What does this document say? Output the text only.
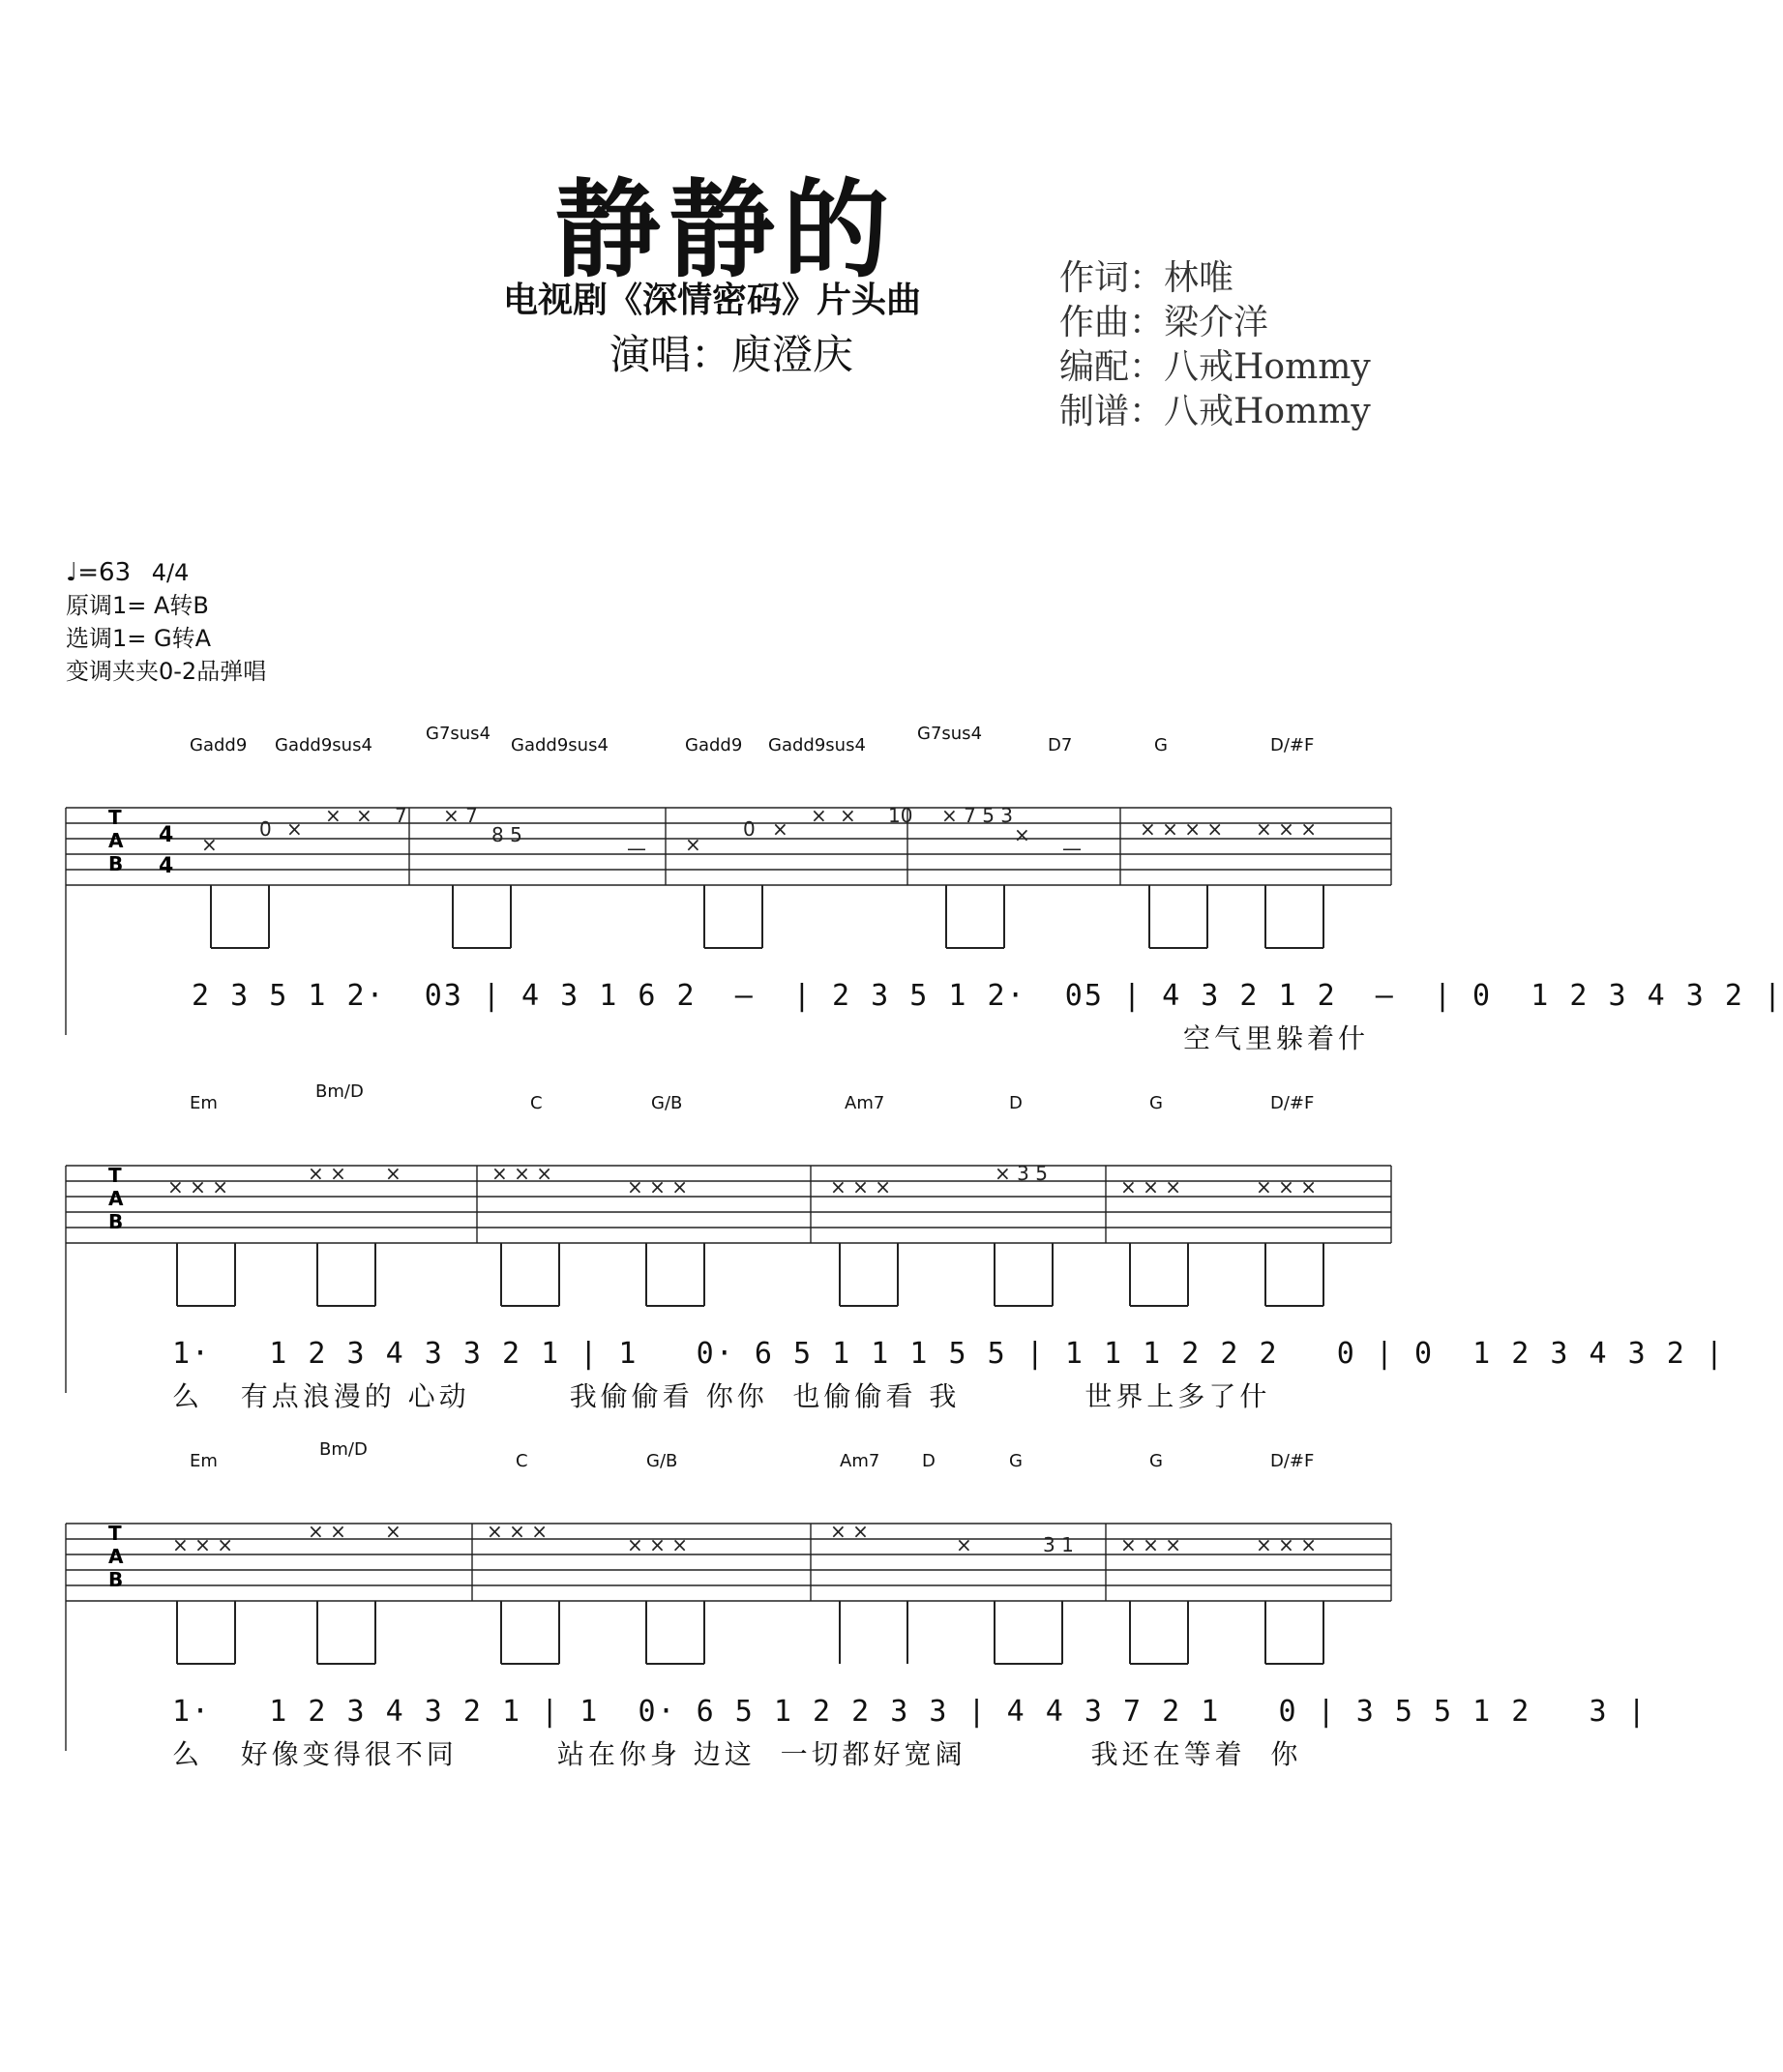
静静的
电视剧《深情密码》片头曲
演唱：庾澄庆
作词：林唯
作曲：梁介洋
编配：八戒Hommy
制谱：八戒Hommy
♩=63 4/4
原调1= A转B
选调1= G转A
变调夹夹0-2品弹唱
T
A
B
4
4
×
0 ×
× × 7 × 7
8 5
— ×
0 ×
× × 10 × 7 5 3
×
—
× × × × × × ×
Gadd9 Gadd9sus4
G7sus4
Gadd9sus4	Gadd9 Gadd9sus4
G7sus4
D7	G	D/#F
2 3 5 1 2·  03 | 4 3 1 6 2  —  | 2 3 5 1 2·  05 | 4 3 2 1 2  —  | 0  1 2 3 4 3 2 |
空气里躲着什
T
A
B
× × ×
× × ×	× × ×
× × ×	× × ×
× 3 5
× × ×	× × ×
Em
Bm/D
C	G/B	Am7	D	G	D/#F
1·   1 2 3 4 3 3 2 1 | 1   0· 6 5 1 1 1 5 5 | 1 1 1 2 2 2   0 | 0  1 2 3 4 3 2 |
么   有点浪漫的 心动        我偷偷看 你你  也偷偷看 我          世界上多了什
T
A
B
× × ×
× × ×	× × ×
× × ×
× ×
×	3 1 × × ×	× × ×
Em
Bm/D
C	G/B	Am7 D	G	G	D/#F
1·   1 2 3 4 3 2 1 | 1  0· 6 5 1 2 2 3 3 | 4 4 3 7 2 1   0 | 3 5 5 1 2   3 |
么   好像变得很不同        站在你身 边这  一切都好宽阔          我还在等着  你
